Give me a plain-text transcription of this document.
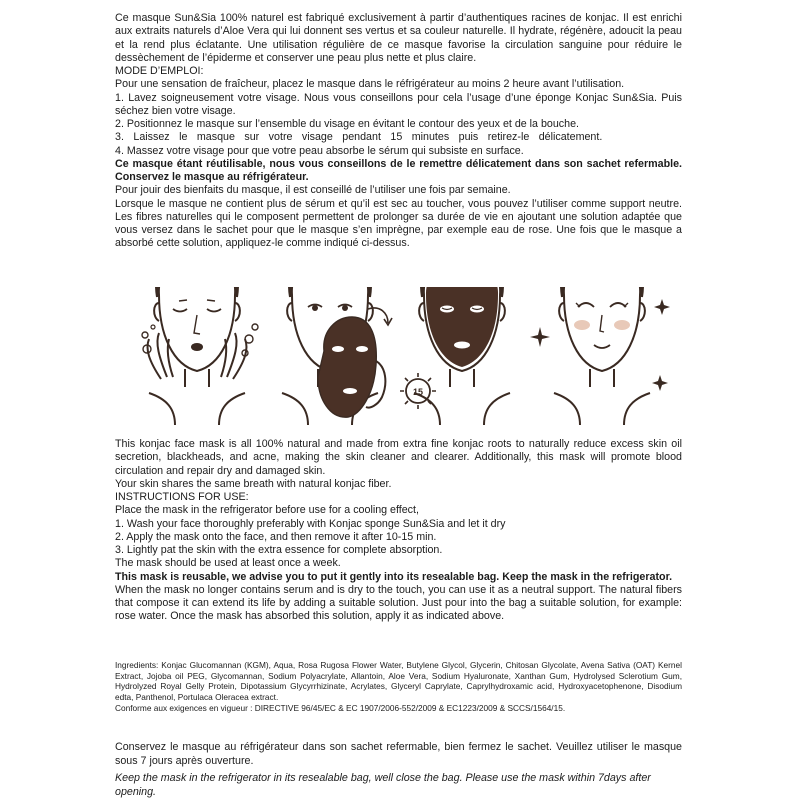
Ce masque Sun&Sia 100% naturel est fabriqué exclusivement à partir d’authentiques racines de konjac. Il est enrichi aux extraits naturels d’Aloe Vera qui lui donnent ses vertus et sa couleur naturelle. Il hydrate, régénère, adoucit la peau et la rend plus éclatante. Une utilisation régulière de ce masque favorise la circulation sanguine pour réduire le dessèchement de l’épiderme et conserver une peau plus nette et plus claire.

MODE D’EMPLOI:

Pour une sensation de fraîcheur, placez le masque dans le réfrigérateur au moins 2 heure avant l’utilisation.

1. Lavez soigneusement votre visage. Nous vous conseillons pour cela l’usage d’une éponge Konjac Sun&Sia. Puis séchez bien votre visage.

2. Positionnez le masque sur l’ensemble du visage en évitant le contour des yeux et de la bouche.

3. Laissez le masque sur votre visage pendant 15 minutes puis retirez-le délicatement.

4. Massez votre visage pour que votre peau absorbe le sérum qui subsiste en surface.

Ce masque étant réutilisable, nous vous conseillons de le remettre délicatement dans son sachet refermable. Conservez le masque au réfrigérateur.

Pour jouir des bienfaits du masque, il est conseillé de l’utiliser une fois par semaine.

Lorsque le masque ne contient plus de sérum et qu’il est sec au toucher, vous pouvez l’utiliser comme support neutre. Les fibres naturelles qui le composent permettent de prolonger sa durée de vie en ajoutant une solution adaptée que vous versez dans le sachet pour que le masque s’en imprègne, par exemple eau de rose. Une fois que le masque a absorbé cette solution, appliquez-le comme indiqué ci-dessus.

15

This konjac face mask is all 100% natural and made from extra fine konjac roots to naturally reduce excess skin oil secretion, blackheads, and acne, making the skin cleaner and clearer. Additionally, this mask will promote blood circulation and repair dry and damaged skin.

Your skin shares the same breath with natural konjac fiber.

INSTRUCTIONS FOR USE:

Place the mask in the refrigerator before use for a cooling effect,

1. Wash your face thoroughly preferably with Konjac sponge Sun&Sia and let it dry

2. Apply the mask onto the face, and then remove it after 10-15 min.

3. Lightly pat the skin with the extra essence for complete absorption.

The mask should be used at least once a week.

This mask is reusable, we advise you to put it gently into its resealable bag. Keep the mask in the refrigerator.

When the mask no longer contains serum and is dry to the touch, you can use it as a neutral support. The natural fibers that compose it can extend its life by adding a suitable solution. Just pour into the bag a suitable solution, for example: rose water. Once the mask has absorbed this solution, apply it as indicated above.

Ingredients: Konjac Glucomannan (KGM), Aqua, Rosa Rugosa Flower Water, Butylene Glycol, Glycerin, Chitosan Glycolate, Avena Sativa (OAT) Kernel Extract, Jojoba oil PEG, Glycomannan, Sodium Polyacrylate, Allantoin, Aloe Vera, Sodium Hyaluronate, Xanthan Gum, Hydrolysed Sclerotium Gum, Hydrolyzed Royal Gelly Protein, Dipotassium Glycyrrhizinate, Acrylates, Glyceryl Caprylate, Caprylhydroxamic acid, Hydroxyacetophenone, Disodium edta, Panthenol, Portulaca Oleracea extract.

Conforme aux exigences en vigueur : DIRECTIVE 96/45/EC & EC 1907/2006-552/2009 & EC1223/2009 & SCCS/1564/15.

Conservez le masque au réfrigérateur dans son sachet refermable, bien fermez le sachet. Veuillez utiliser le masque sous 7 jours après ouverture.

Keep the mask in the refrigerator in its resealable bag, well close the bag. Please use the mask within 7days after opening.
